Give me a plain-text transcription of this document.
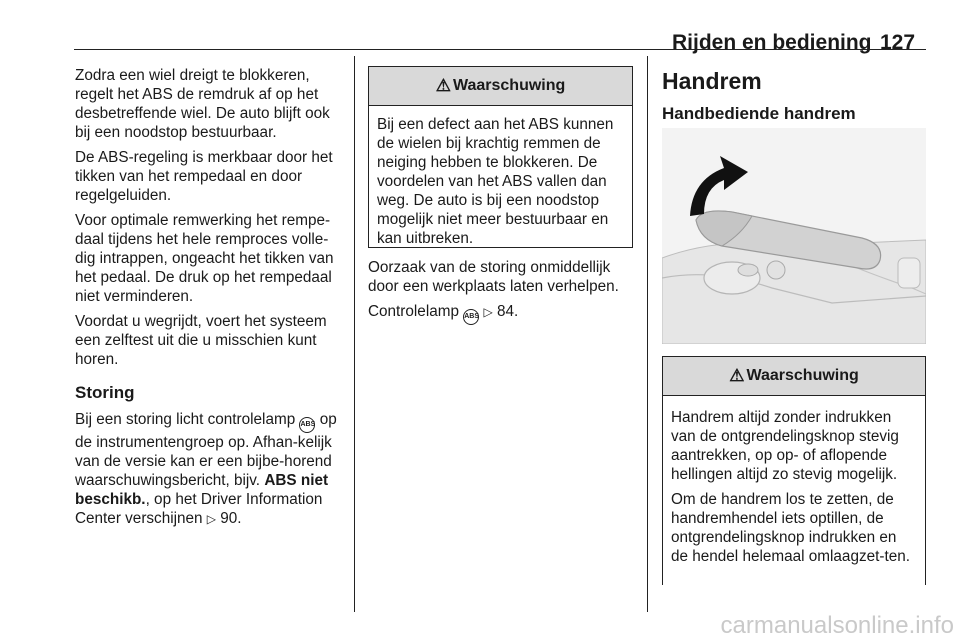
Rijden en bediening 127

Zodra een wiel dreigt te blokkeren, regelt het ABS de remdruk af op het desbetreffende wiel. De auto blijft ook bij een noodstop bestuurbaar.

De ABS-regeling is merkbaar door het tikken van het rempedaal en door regelgeluiden.

Voor optimale remwerking het rempe-daal tijdens het hele remproces volle-dig intrappen, ongeacht het tikken van het pedaal. De druk op het rempedaal niet verminderen.

Voordat u wegrijdt, voert het systeem een zelftest uit die u misschien kunt horen.

Storing

Bij een storing licht controlelamp ABS op de instrumentengroep op. Afhan-kelijk van de versie kan er een bijbe-horend waarschuwingsbericht, bijv. ABS niet beschikb., op het Driver Information Center verschijnen ▷ 90.

⚠ Waarschuwing

Bij een defect aan het ABS kunnen de wielen bij krachtig remmen de neiging hebben te blokkeren. De voordelen van het ABS vallen dan weg. De auto is bij een noodstop mogelijk niet meer bestuurbaar en kan uitbreken.

Oorzaak van de storing onmiddellijk door een werkplaats laten verhelpen.

Controlelamp ABS ▷ 84.

Handrem
Handbediende handrem
⚠ Waarschuwing

Handrem altijd zonder indrukken van de ontgrendelingsknop stevig aantrekken, op op- of aflopende hellingen altijd zo stevig mogelijk.

Om de handrem los te zetten, de handremhendel iets optillen, de ontgrendelingsknop indrukken en de hendel helemaal omlaagzet-ten.

carmanualsonline.info
